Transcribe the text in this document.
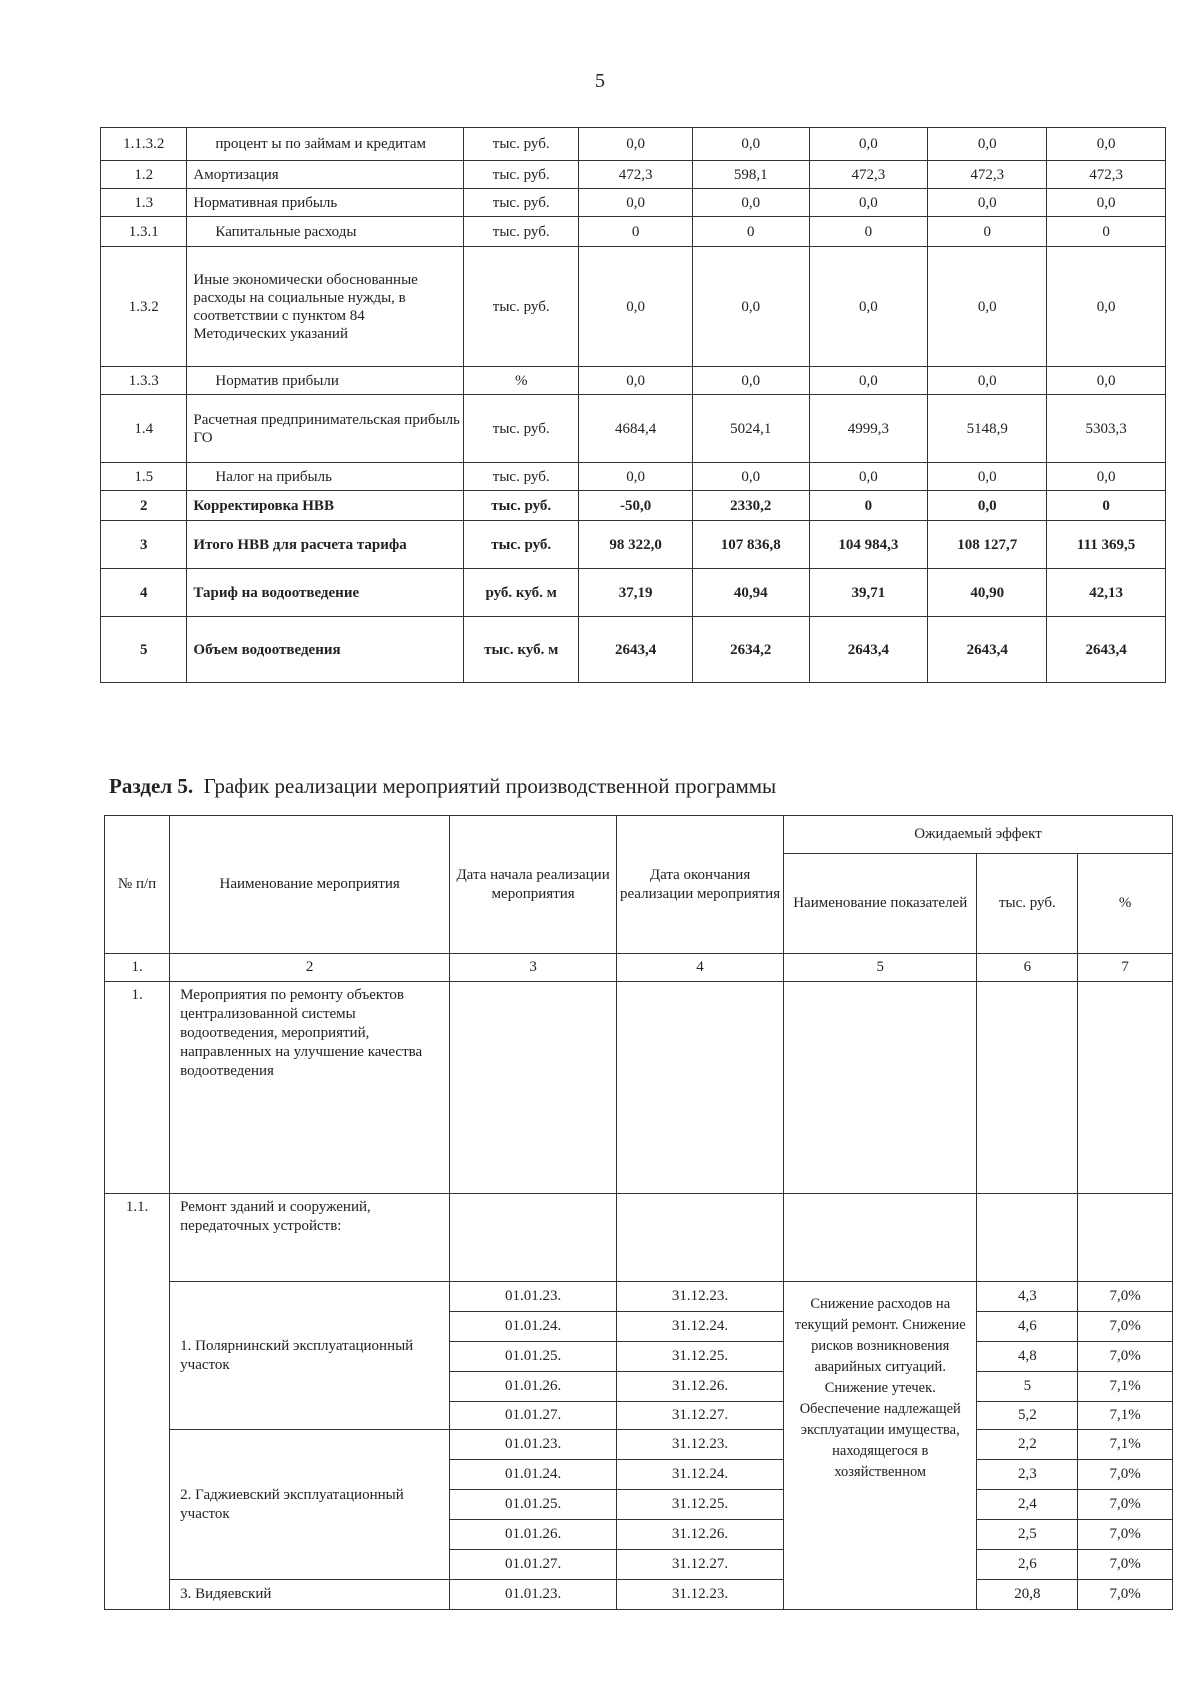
5
1.1.3.2	процент ы по займам и кредитам	тыс. руб.	0,0	0,0	0,0	0,0	0,0
1.2	Амортизация	тыс. руб.	472,3	598,1	472,3	472,3	472,3
1.3	Нормативная прибыль	тыс. руб.	0,0	0,0	0,0	0,0	0,0
1.3.1	Капитальные расходы	тыс. руб.	0	0	0	0	0
1.3.2	Иные экономически обоснованные расходы на социальные нужды, в соответствии с пунктом 84 Методических указаний	тыс. руб.	0,0	0,0	0,0	0,0	0,0
1.3.3	Норматив прибыли	%	0,0	0,0	0,0	0,0	0,0
1.4	Расчетная предпринимательская прибыль ГО	тыс. руб.	4684,4	5024,1	4999,3	5148,9	5303,3
1.5	Налог на прибыль	тыс. руб.	0,0	0,0	0,0	0,0	0,0
2	Корректировка НВВ	тыс. руб.	-50,0	2330,2	0	0,0	0
3	Итого НВВ для расчета тарифа	тыс. руб.	98 322,0	107 836,8	104 984,3	108 127,7	111 369,5
4	Тариф на водоотведение	руб. куб. м	37,19	40,94	39,71	40,90	42,13
5	Объем водоотведения	тыс. куб. м	2643,4	2634,2	2643,4	2643,4	2643,4
Раздел 5. График реализации мероприятий производственной программы
№ п/п	Наименование мероприятия	Дата начала реализации мероприятия	Дата окончания реализации мероприятия	Ожидаемый эффект		
				Наименование показателей	тыс. руб.	%
1.	2	3	4	5	6	7
1.	Мероприятия по ремонту объектов централизованной системы водоотведения, мероприятий, направленных на улучшение качества водоотведения					
1.1.	Ремонт зданий и сооружений, передаточных устройств:					
	1. Полярнинский эксплуатационный участок	01.01.23.	31.12.23.	Снижение расходов на текущий ремонт. Снижение рисков возникновения аварийных ситуаций. Снижение утечек. Обеспечение надлежащей эксплуатации имущества, находящегося в хозяйственном	4,3	7,0%
		01.01.24.	31.12.24.		4,6	7,0%
		01.01.25.	31.12.25.		4,8	7,0%
		01.01.26.	31.12.26.		5	7,1%
		01.01.27.	31.12.27.		5,2	7,1%
	2. Гаджиевский эксплуатационный участок	01.01.23.	31.12.23.		2,2	7,1%
		01.01.24.	31.12.24.		2,3	7,0%
		01.01.25.	31.12.25.		2,4	7,0%
		01.01.26.	31.12.26.		2,5	7,0%
		01.01.27.	31.12.27.		2,6	7,0%
	3. Видяевский	01.01.23.	31.12.23.		20,8	7,0%
